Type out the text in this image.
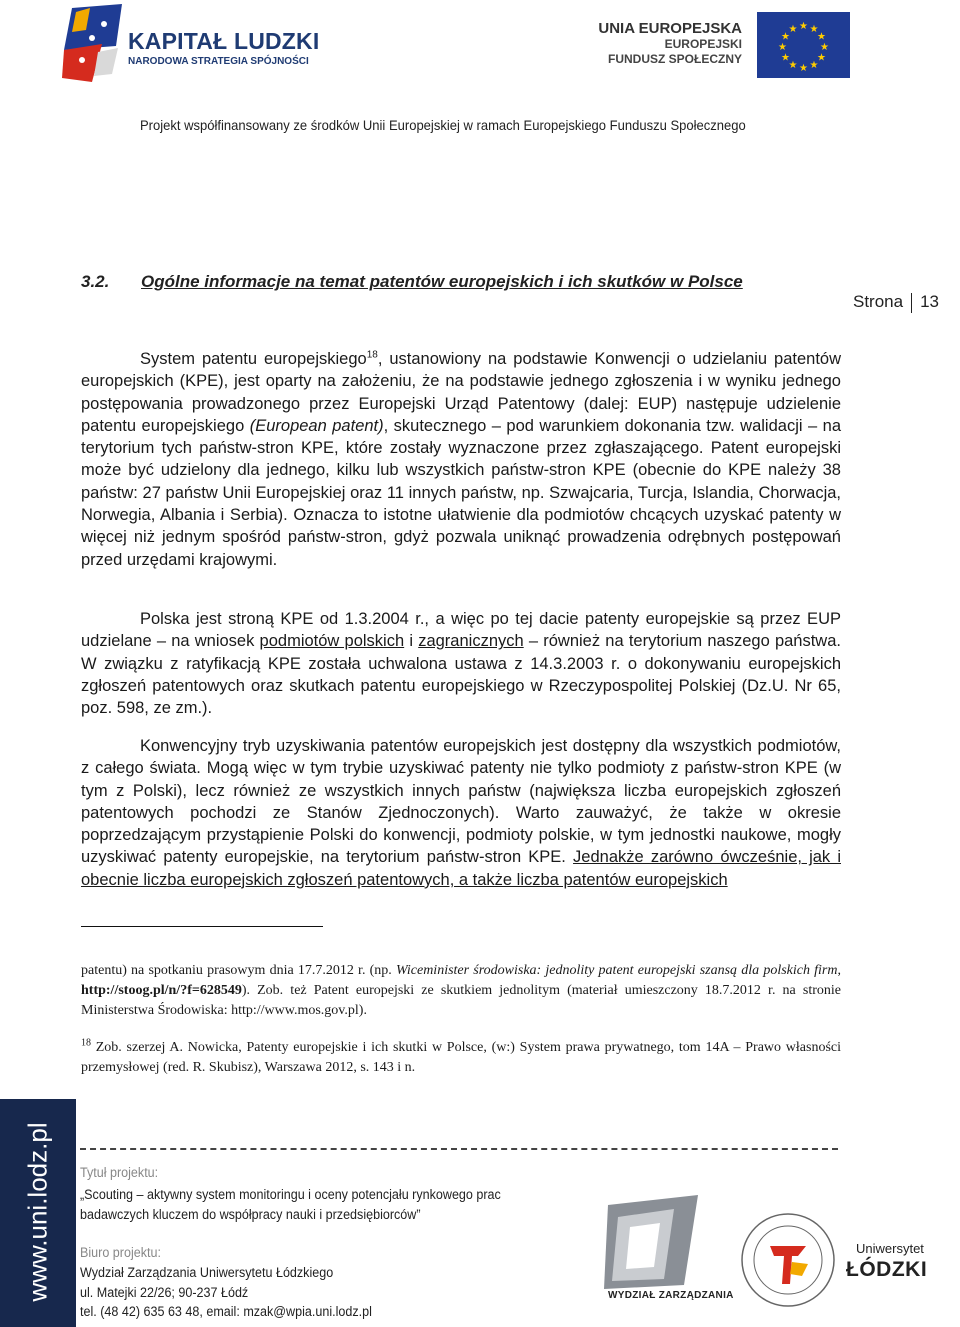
KAPITAŁ LUDZKI
NARODOWA STRATEGIA SPÓJNOŚCI
UNIA EUROPEJSKA
EUROPEJSKI
FUNDUSZ SPOŁECZNY
★ ★
★
★
★
★
★
★
★
★
★
★
Projekt współfinansowany ze środków Unii Europejskiej w ramach Europejskiego Funduszu Społecznego
3.2. Ogólne informacje na temat patentów europejskich i ich skutków w Polsce
Strona 13

System patentu europejskiego$^{18}$, ustanowiony na podstawie Konwencji o udzielaniu patentów europejskich (KPE), jest oparty na założeniu, że na podstawie jednego zgłoszenia i w wyniku jednego postępowania prowadzonego przez Europejski Urząd Patentowy (dalej: EUP) następuje udzielenie patentu europejskiego (European patent), skutecznego – pod warunkiem dokonania tzw. walidacji – na terytorium tych państw-stron KPE, które zostały wyznaczone przez zgłaszającego. Patent europejski może być udzielony dla jednego, kilku lub wszystkich państw-stron KPE (obecnie do KPE należy 38 państw: 27 państw Unii Europejskiej oraz 11 innych państw, np. Szwajcaria, Turcja, Islandia, Chorwacja, Norwegia, Albania i Serbia). Oznacza to istotne ułatwienie dla podmiotów chcących uzyskać patenty w więcej niż jednym spośród państw-stron, gdyż pozwala uniknąć prowadzenia odrębnych postępowań przed urzędami krajowymi.

Polska jest stroną KPE od 1.3.2004 r., a więc po tej dacie patenty europejskie są przez EUP udzielane – na wniosek podmiotów polskich i zagranicznych – również na terytorium naszego państwa. W związku z ratyfikacją KPE została uchwalona ustawa z 14.3.2003 r. o dokonywaniu europejskich zgłoszeń patentowych oraz skutkach patentu europejskiego w Rzeczypospolitej Polskiej (Dz.U. Nr 65, poz. 598, ze zm.).

Konwencyjny tryb uzyskiwania patentów europejskich jest dostępny dla wszystkich podmiotów, z całego świata. Mogą więc w tym trybie uzyskiwać patenty nie tylko podmioty z państw-stron KPE (w tym z Polski), lecz również ze wszystkich innych państw (największa liczba europejskich zgłoszeń patentowych pochodzi ze Stanów Zjednoczonych). Warto zauważyć, że także w okresie poprzedzającym przystąpienie Polski do konwencji, podmioty polskie, w tym jednostki naukowe, mogły uzyskiwać patenty europejskie, na terytorium państw-stron KPE. Jednakże zarówno ówcześnie, jak i obecnie liczba europejskich zgłoszeń patentowych, a także liczba patentów europejskich

patentu) na spotkaniu prasowym dnia 17.7.2012 r. (np. Wiceminister środowiska: jednolity patent europejski szansą dla polskich firm, http://stoog.pl/n/?f=628549). Zob. też Patent europejski ze skutkiem jednolitym (materiał umieszczony 18.7.2012 r. na stronie Ministerstwa Środowiska: http://www.mos.gov.pl).
$^{18}$ Zob. szerzej A. Nowicka, Patenty europejskie i ich skutki w Polsce, (w:) System prawa prywatnego, tom 14A – Prawo własności przemysłowej (red. R. Skubisz), Warszawa 2012, s. 143 i n.
www.uni.lodz.pl Tytuł projektu:
„Scouting – aktywny system monitoringu i oceny potencjału rynkowego prac
badawczych kluczem do współpracy nauki i przedsiębiorców”
Biuro projektu:
Wydział Zarządzania Uniwersytetu Łódzkiego
ul. Matejki 22/26; 90-237 Łódź
tel. (48 42) 635 63 48, email: mzak@wpia.uni.lodz.pl
WYDZIAŁ ZARZĄDZANIA
Uniwersytet
ŁÓDZKI
